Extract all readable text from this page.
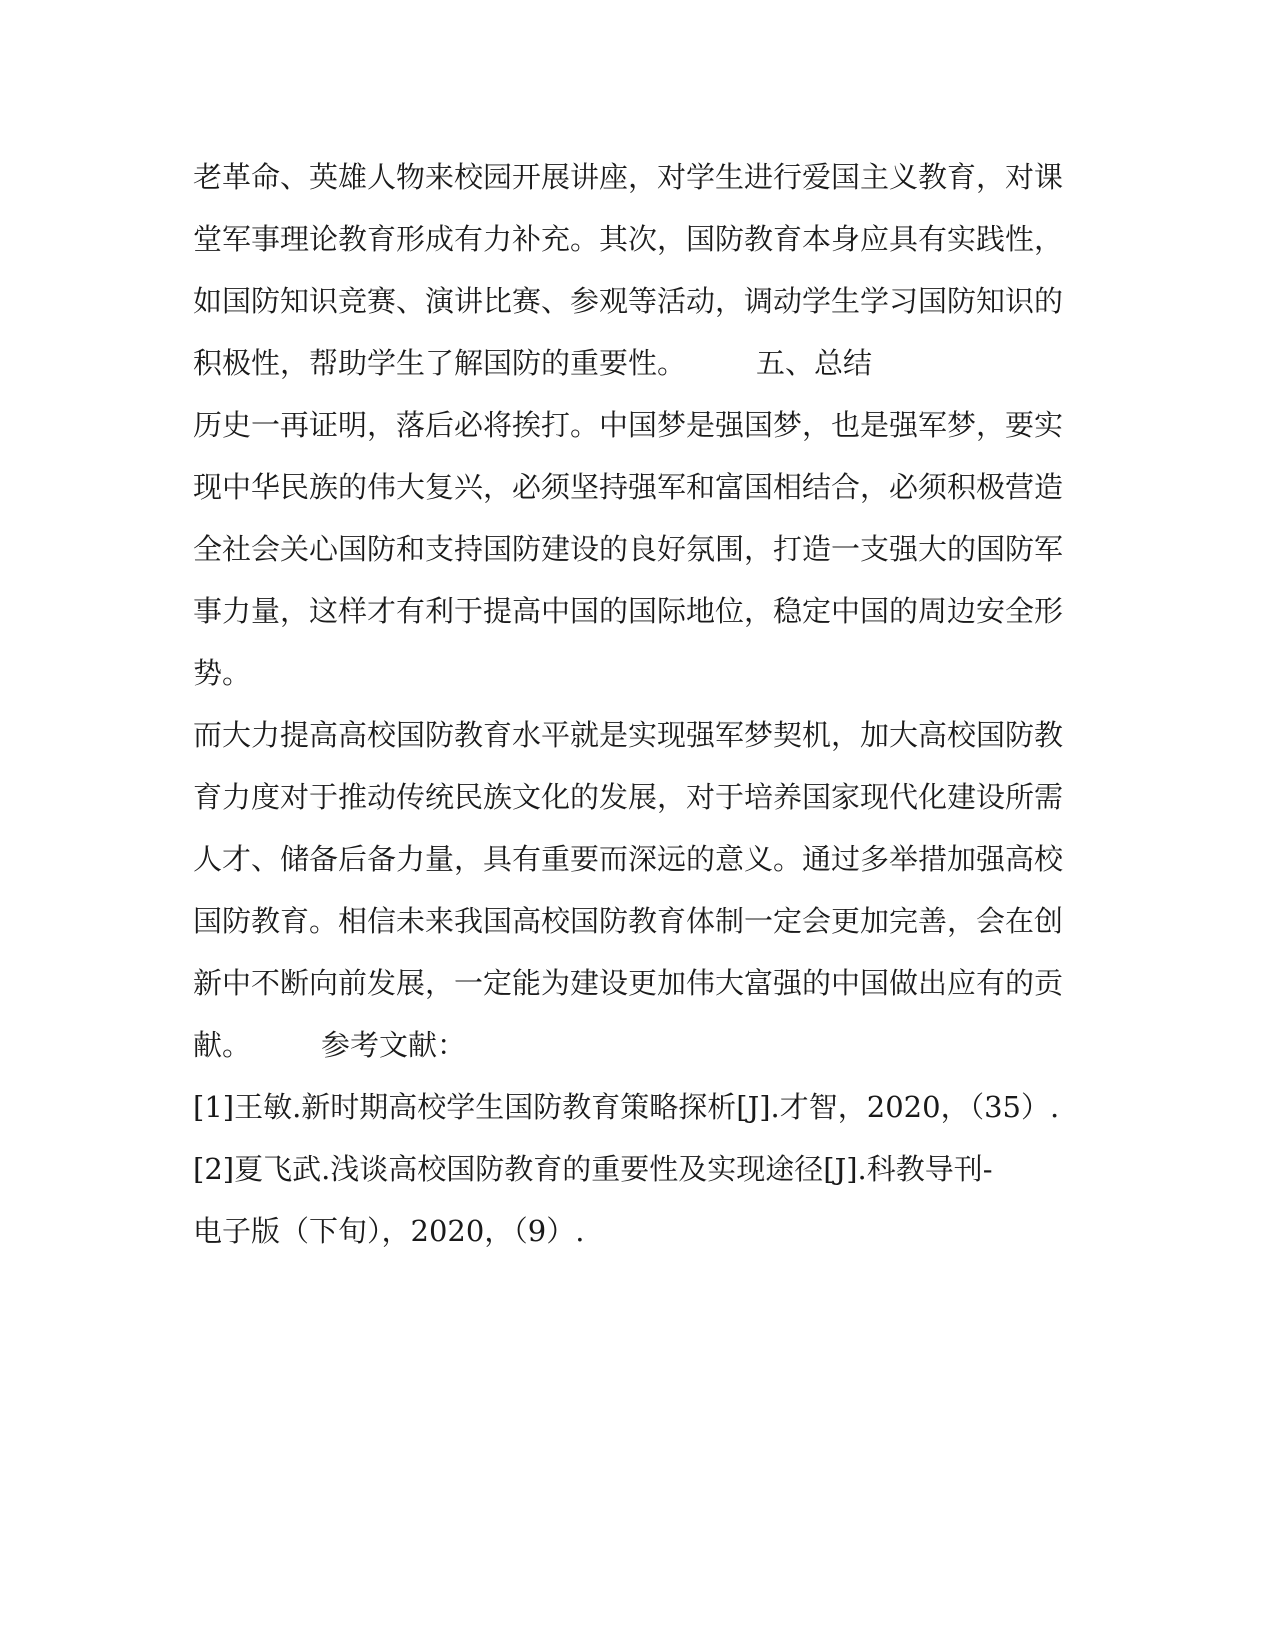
老革命、英雄人物来校园开展讲座，对学生进行爱国主义教育，对课
堂军事理论教育形成有力补充。其次，国防教育本身应具有实践性，
如国防知识竞赛、演讲比赛、参观等活动，调动学生学习国防知识的
积极性，帮助学生了解国防的重要性。 五、总结
历史一再证明，落后必将挨打。中国梦是强国梦，也是强军梦，要实
现中华民族的伟大复兴，必须坚持强军和富国相结合，必须积极营造
全社会关心国防和支持国防建设的良好氛围，打造一支强大的国防军
事力量，这样才有利于提高中国的国际地位，稳定中国的周边安全形
势。
而大力提高高校国防教育水平就是实现强军梦契机，加大高校国防教
育力度对于推动传统民族文化的发展，对于培养国家现代化建设所需
人才、储备后备力量，具有重要而深远的意义。通过多举措加强高校
国防教育。相信未来我国高校国防教育体制一定会更加完善，会在创
新中不断向前发展，一定能为建设更加伟大富强的中国做出应有的贡
献。 参考文献：
[1]王敏.新时期高校学生国防教育策略探析[J].才智，2020，（35）.
[2]夏飞武.浅谈高校国防教育的重要性及实现途径[J].科教导刊-
电子版（下旬），2020，（9）.
